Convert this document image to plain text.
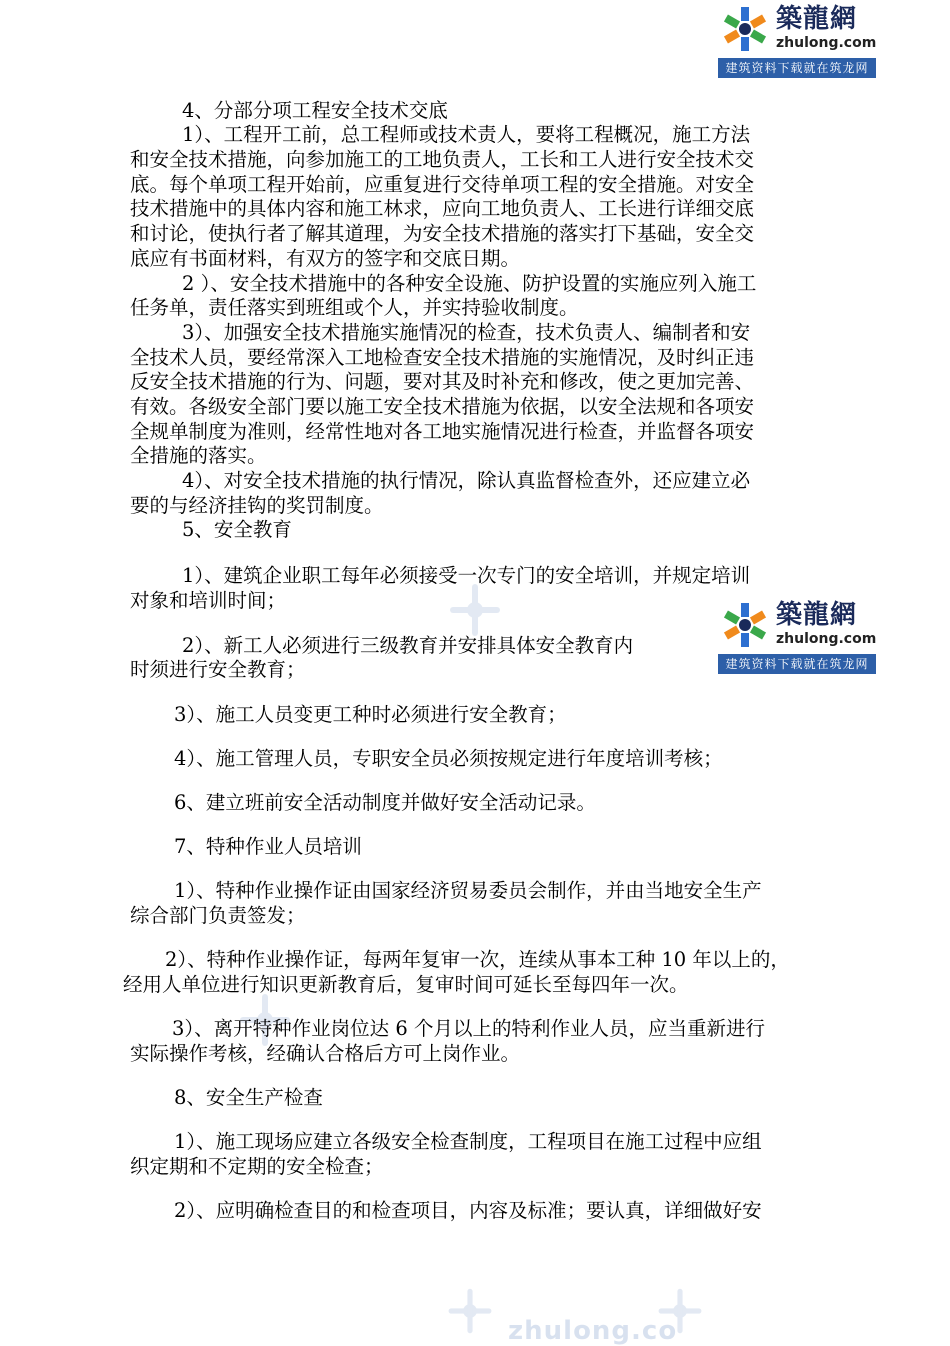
zhulong.co
築龍網
zhulong.com
建筑资料下载就在筑龙网
築龍網
zhulong.com
建筑资料下载就在筑龙网
4、分部分项工程安全技术交底
1）、工程开工前，总工程师或技术责人，要将工程概况，施工方法
和安全技术措施，向参加施工的工地负责人，工长和工人进行安全技术交
底。每个单项工程开始前，应重复进行交待单项工程的安全措施。对安全
技术措施中的具体内容和施工林求，应向工地负责人、工长进行详细交底
和讨论，使执行者了解其道理，为安全技术措施的落实打下基础，安全交
底应有书面材料，有双方的签字和交底日期。
2 ）、安全技术措施中的各种安全设施、防护设置的实施应列入施工
任务单，责任落实到班组或个人，并实持验收制度。
3）、加强安全技术措施实施情况的检查，技术负责人、编制者和安
全技术人员，要经常深入工地检查安全技术措施的实施情况，及时纠正违
反安全技术措施的行为、问题，要对其及时补充和修改，使之更加完善、
有效。各级安全部门要以施工安全技术措施为依据，以安全法规和各项安
全规单制度为准则，经常性地对各工地实施情况进行检查，并监督各项安
全措施的落实。
4）、对安全技术措施的执行情况，除认真监督检查外，还应建立必
要的与经济挂钩的奖罚制度。
5、安全教育
1）、建筑企业职工每年必须接受一次专门的安全培训，并规定培训
对象和培训时间；
2）、新工人必须进行三级教育并安排具体安全教育内
时须进行安全教育；
3）、施工人员变更工种时必须进行安全教育；
4）、施工管理人员，专职安全员必须按规定进行年度培训考核；
6、建立班前安全活动制度并做好安全活动记录。
7、特种作业人员培训
1）、特种作业操作证由国家经济贸易委员会制作，并由当地安全生产
综合部门负责签发；
2）、特种作业操作证，每两年复审一次，连续从事本工种 10 年以上的，
经用人单位进行知识更新教育后，复审时间可延长至每四年一次。
3）、离开特种作业岗位达 6 个月以上的特利作业人员，应当重新进行
实际操作考核，经确认合格后方可上岗作业。
8、安全生产检查
1）、施工现场应建立各级安全检查制度，工程项目在施工过程中应组
织定期和不定期的安全检查；
2）、应明确检查目的和检查项目，内容及标准；要认真，详细做好安
